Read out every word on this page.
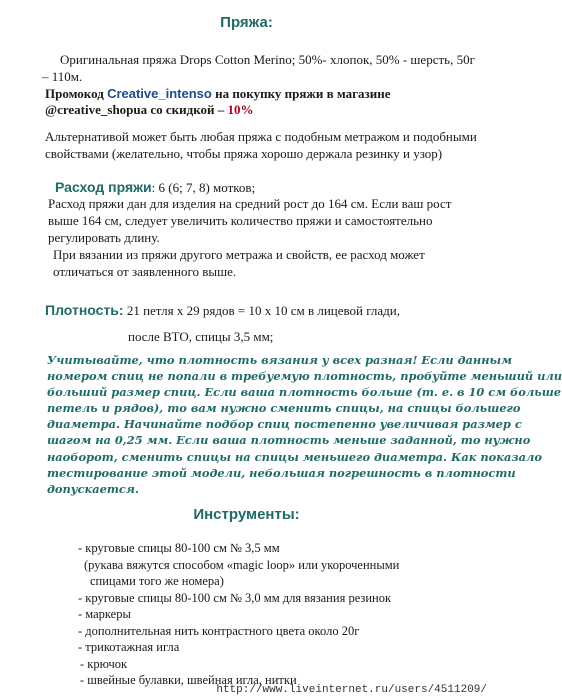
Пряжа:
Оригинальная пряжа Drops Cotton Merino; 50%- хлопок, 50% - шерсть, 50г
– 110м.
Промокод Creative_intenso на покупку пряжи в магазине
@creative_shopua со скидкой – 10%
Альтернативой может быть любая пряжа с подобным метражом и подобными
свойствами (желательно, чтобы пряжа хорошо держала резинку и узор)
Расход пряжи: 6 (6; 7, 8) мотков;
Расход пряжи дан для изделия на средний рост до 164 см. Если ваш рост
выше 164 см, следует увеличить количество пряжи и самостоятельно
регулировать длину.
При вязании из пряжи другого метража и свойств, ее расход может
отличаться от заявленного выше.
Плотность: 21 петля х 29 рядов = 10 х 10 см в лицевой глади,
после ВТО, спицы 3,5 мм;
Учитывайте, что плотность вязания у всех разная! Если данным
номером спиц не попали в требуемую плотность, пробуйте меньший или
больший размер спиц. Если ваша плотность больше (т. е. в 10 см больше
петель и рядов), то вам нужно сменить спицы, на спицы большего
диаметра. Начинайте подбор спиц постепенно увеличивая размер с
шагом на 0,25 мм. Если ваша плотность меньше заданной, то нужно
наоборот, сменить спицы на спицы меньшего диаметра. Как показало
тестирование этой модели, небольшая погрешность в плотности
допускается.
Инструменты:
- круговые спицы 80-100 см № 3,5 мм
(рукава вяжутся способом «magic loop» или укороченными
спицами того же номера)
- круговые спицы 80-100 см № 3,0 мм для вязания резинок
- маркеры
- дополнительная нить контрастного цвета около 20г
- трикотажная игла
- крючок
- швейные булавки, швейная игла, нитки
http://www.liveinternet.ru/users/4511209/
